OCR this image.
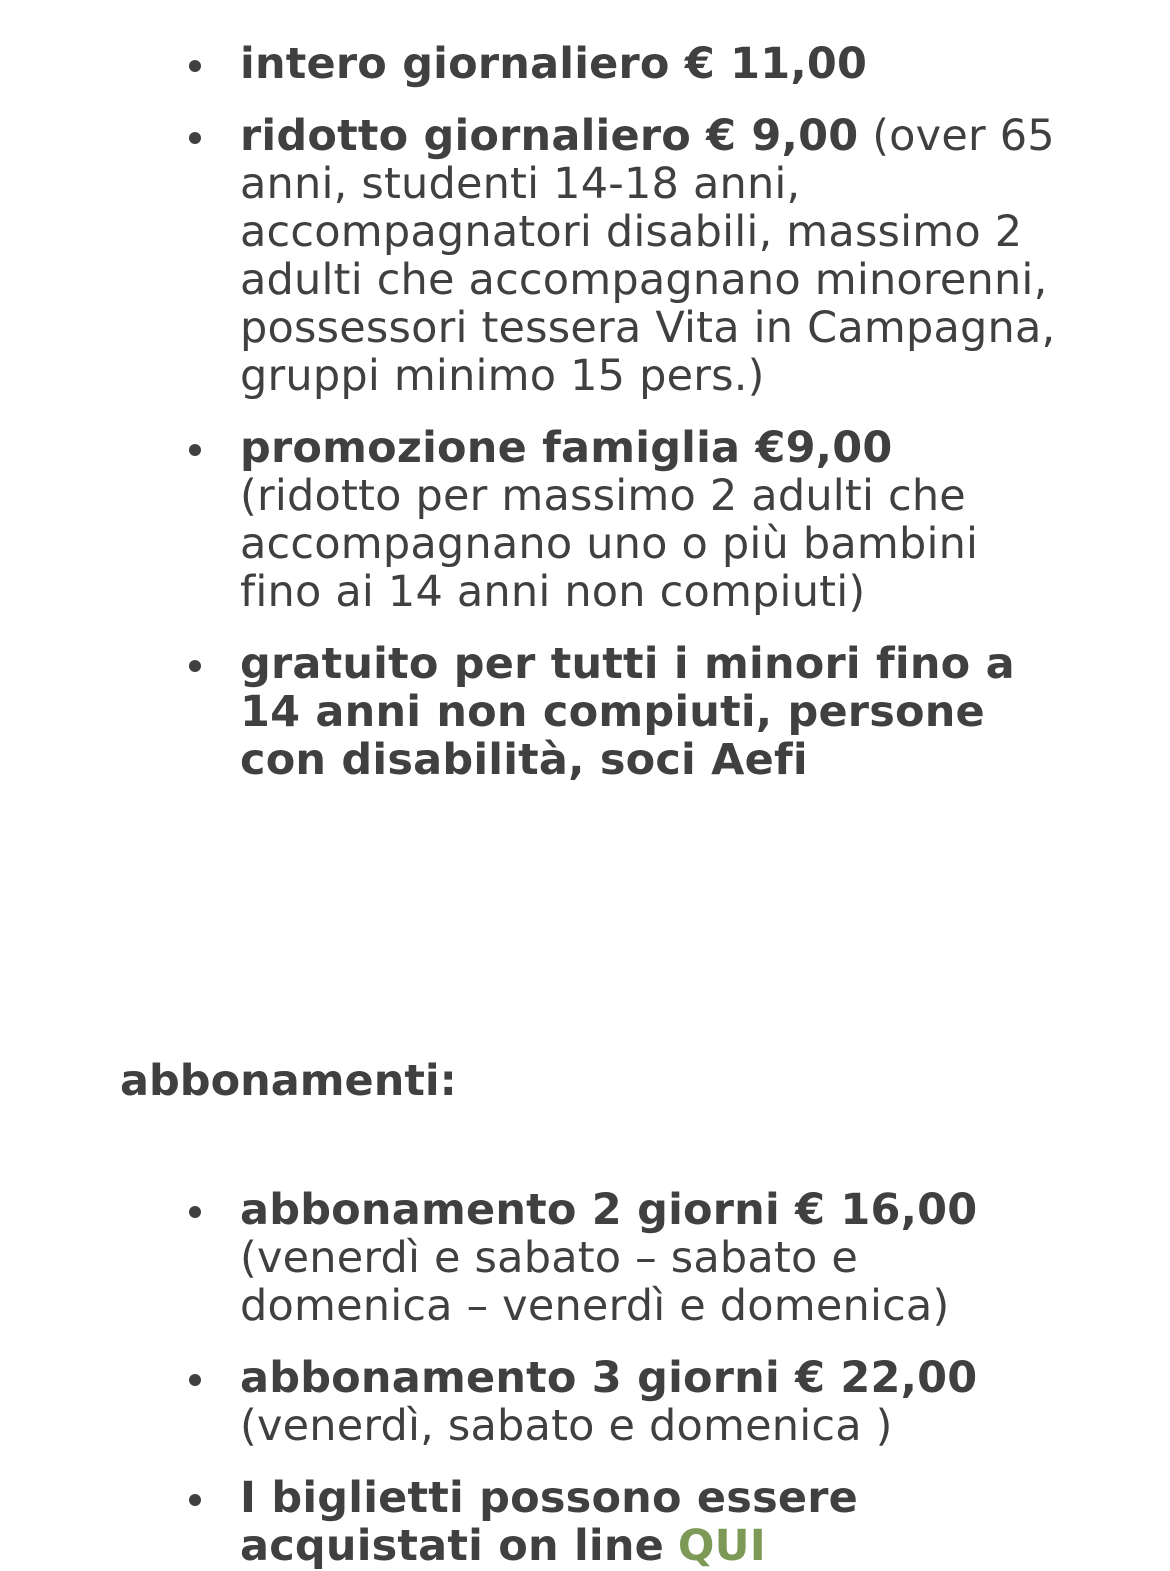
intero giornaliero € 11,00
ridotto giornaliero € 9,00 (over 65 anni, studenti 14-18 anni, accompagnatori disabili, massimo 2 adulti che accompagnano minorenni, possessori tessera Vita in Campagna, gruppi minimo 15 pers.)
promozione famiglia €9,00 (ridotto per massimo 2 adulti che accompagnano uno o più bambini fino ai 14 anni non compiuti)
gratuito per tutti i minori fino a 14 anni non compiuti, persone con disabilità, soci Aefi
abbonamenti:
abbonamento 2 giorni € 16,00 (venerdì e sabato – sabato e domenica – venerdì e domenica)
abbonamento 3 giorni € 22,00 (venerdì, sabato e domenica )
I biglietti possono essere acquistati on line QUI
